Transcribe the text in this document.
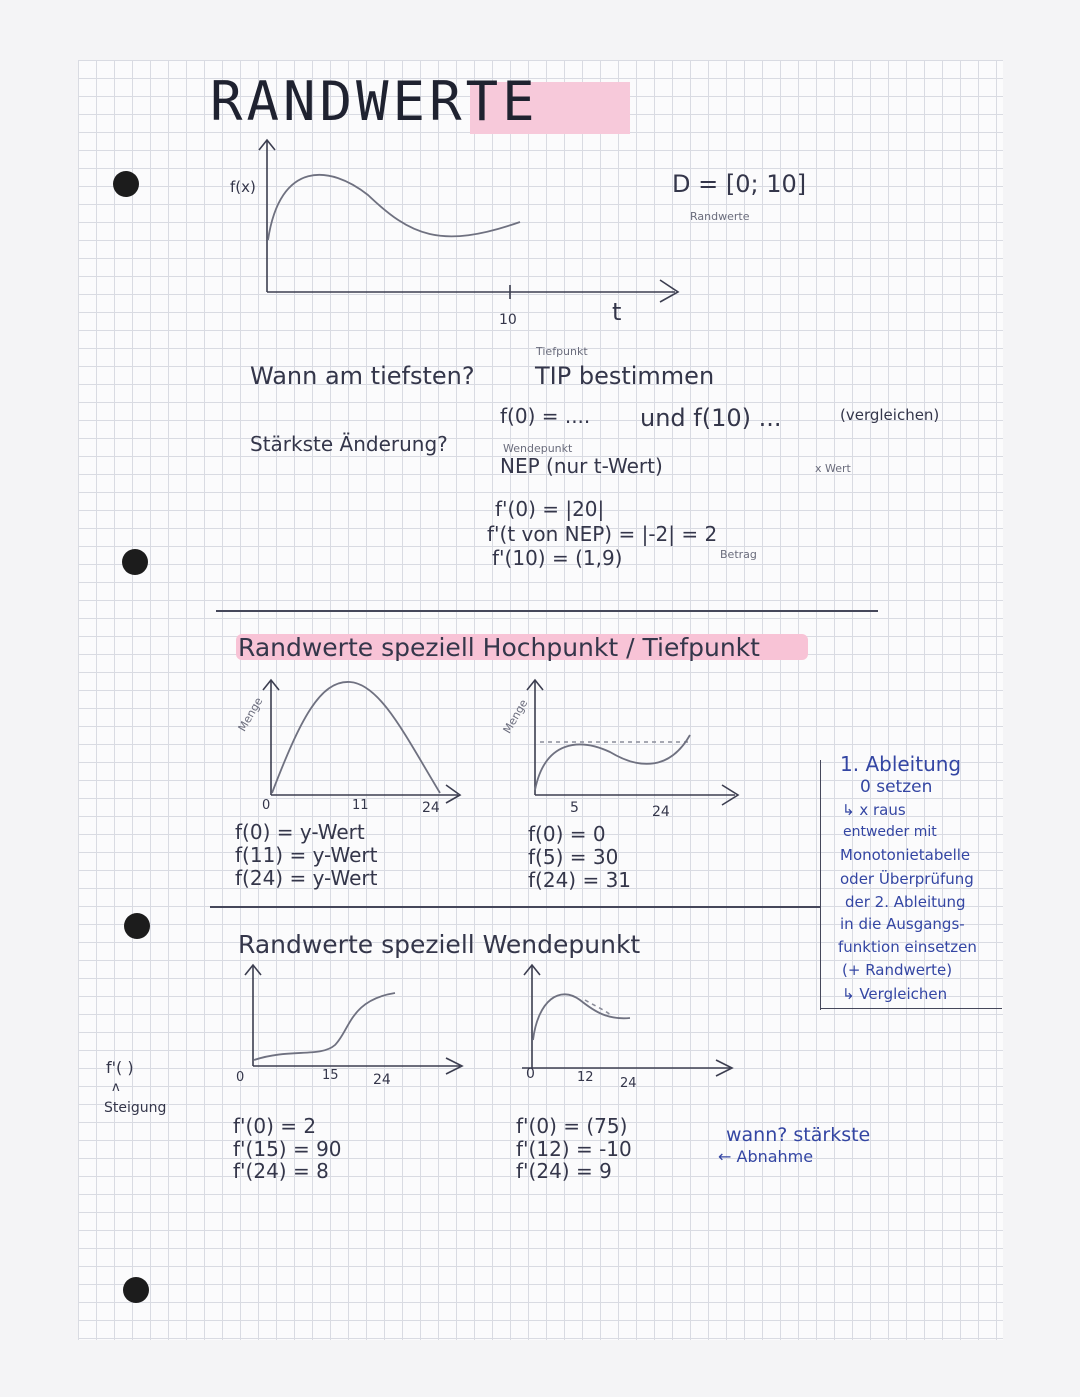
RANDWERTE
f'( )
ᴧ
Steigung
f(x)
10	t
D = [0; 10]
Randwerte
Tiefpunkt
Wann am tiefsten?	TIP bestimmen
f(0) = .... und f(10) ...	(vergleichen)
Stärkste Änderung?	Wendepunkt
NEP (nur t-Wert)	x Wert
f'(0) = |20|
f'(t von NEP) = |-2| = 2
Betrag
f'(10) = (1,9)
Randwerte speziell Hochpunkt / Tiefpunkt
Menge
0	11	24
f(0) = y-Wert
f(11) = y-Wert
f(24) = y-Wert
Menge
5	24
f(0) = 0
f(5) = 30
f(24) = 31
1. Ableitung
0 setzen
↳ x raus
entweder mit
Monotonietabelle
oder Überprüfung
der 2. Ableitung
in die Ausgangs-
funktion einsetzen
(+ Randwerte)
↳ Vergleichen
Randwerte speziell Wendepunkt
0	15 24
f'(0) = 2
f'(15) = 90
f'(24) = 8
0	12 24
f'(0) = (75)
f'(12) = -10
f'(24) = 9
wann? stärkste
← Abnahme
